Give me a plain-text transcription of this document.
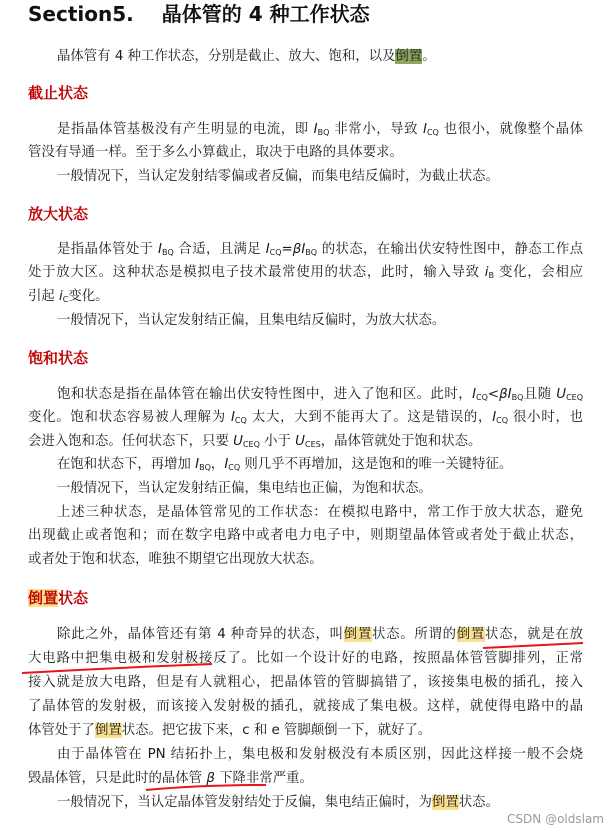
Section5. 晶体管的 4 种工作状态
晶体管有 4 种工作状态，分别是截止、放大、饱和，以及倒置。
截止状态
是指晶体管基极没有产生明显的电流，即 $I_{BQ}$ 非常小，导致 $I_{CQ}$ 也很小，就像整个晶体
管没有导通一样。至于多么小算截止，取决于电路的具体要求。
一般情况下，当认定发射结零偏或者反偏，而集电结反偏时，为截止状态。
放大状态
是指晶体管处于 $I_{BQ}$ 合适，且满足 $I_{CQ}=\beta I_{BQ}$ 的状态，在输出伏安特性图中，静态工作点
处于放大区。这种状态是模拟电子技术最常使用的状态，此时，输入导致 $i_B$ 变化，会相应
引起 $i_C$变化。
一般情况下，当认定发射结正偏，且集电结反偏时，为放大状态。
饱和状态
饱和状态是指在晶体管在输出伏安特性图中，进入了饱和区。此时，$I_{CQ}<\beta I_{BQ}$且随 $U_{CEQ}$
变化。饱和状态容易被人理解为 $I_{CQ}$ 太大，大到不能再大了。这是错误的，$I_{CQ}$ 很小时，也
会进入饱和态。任何状态下，只要 $U_{CEQ}$ 小于 $U_{CES}$，晶体管就处于饱和状态。
在饱和状态下，再增加 $I_{BQ}$，$I_{CQ}$ 则几乎不再增加，这是饱和的唯一关键特征。
一般情况下，当认定发射结正偏，集电结也正偏，为饱和状态。
上述三种状态，是晶体管常见的工作状态：在模拟电路中，常工作于放大状态，避免
出现截止或者饱和；而在数字电路中或者电力电子中，则期望晶体管或者处于截止状态，
或者处于饱和状态，唯独不期望它出现放大状态。
倒置状态
除此之外，晶体管还有第 4 种奇异的状态，叫倒置状态。所谓的倒置状态，就是在放
大电路中把集电极和发射极接反了。比如一个设计好的电路，按照晶体管管脚排列，正常
接入就是放大电路，但是有人就粗心，把晶体管的管脚搞错了，该接集电极的插孔，接入
了晶体管的发射极，而该接入发射极的插孔，就接成了集电极。这样，就使得电路中的晶
体管处于了倒置状态。把它拔下来，c 和 e 管脚颠倒一下，就好了。
由于晶体管在 PN 结拓扑上，集电极和发射极没有本质区别，因此这样接一般不会烧
毁晶体管，只是此时的晶体管 β 下降非常严重。
一般情况下，当认定晶体管发射结处于反偏，集电结正偏时，为倒置状态。
CSDN @oldslam
